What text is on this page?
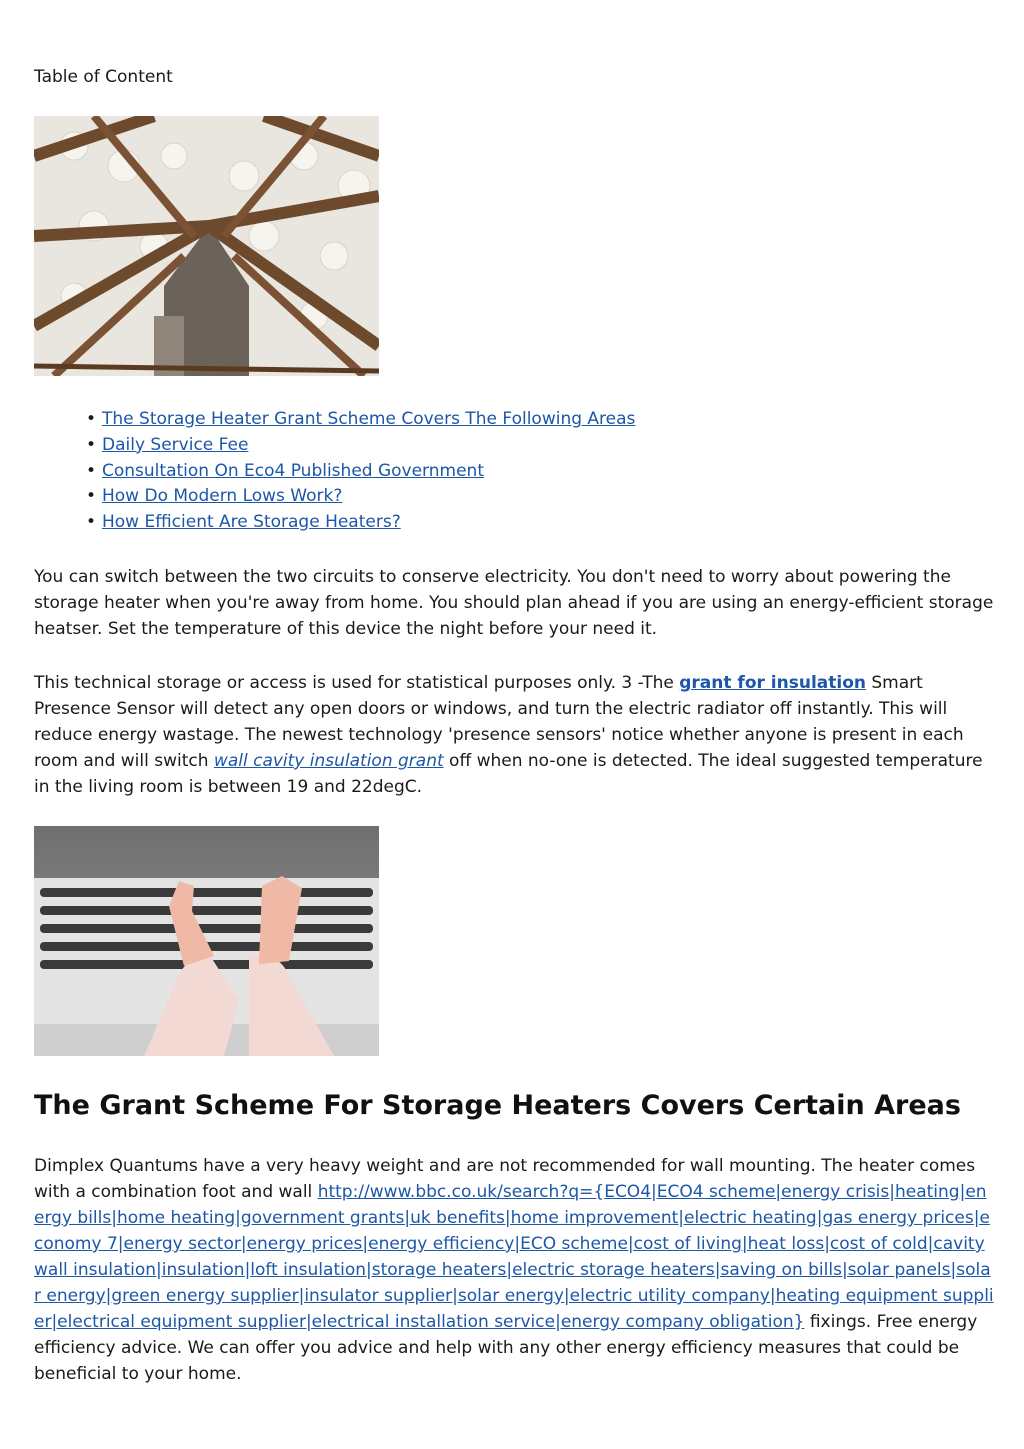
Table of Content

• The Storage Heater Grant Scheme Covers The Following Areas
• Daily Service Fee
• Consultation On Eco4 Published Government
• How Do Modern Lows Work?
• How Efficient Are Storage Heaters?

You can switch between the two circuits to conserve electricity. You don't need to worry about powering the storage heater when you're away from home. You should plan ahead if you are using an energy-efficient storage heatser. Set the temperature of this device the night before your need it.

This technical storage or access is used for statistical purposes only. 3 -The grant for insulation Smart Presence Sensor will detect any open doors or windows, and turn the electric radiator off instantly. This will reduce energy wastage. The newest technology 'presence sensors' notice whether anyone is present in each room and will switch wall cavity insulation grant off when no-one is detected. The ideal suggested temperature in the living room is between 19 and 22degC.

The Grant Scheme For Storage Heaters Covers Certain Areas

Dimplex Quantums have a very heavy weight and are not recommended for wall mounting. The heater comes with a combination foot and wall http://www.bbc.co.uk/search?q={ECO4|ECO4 scheme|energy crisis|heating|energy bills|home heating|government grants|uk benefits|home improvement|electric heating|gas energy prices|economy 7|energy sector|energy prices|energy efficiency|ECO scheme|cost of living|heat loss|cost of cold|cavity wall insulation|insulation|loft insulation|storage heaters|electric storage heaters|saving on bills|solar panels|solar energy|green energy supplier|insulator supplier|solar energy|electric utility company|heating equipment supplier|electrical equipment supplier|electrical installation service|energy company obligation} fixings. Free energy efficiency advice. We can offer you advice and help with any other energy efficiency measures that could be beneficial to your home.
